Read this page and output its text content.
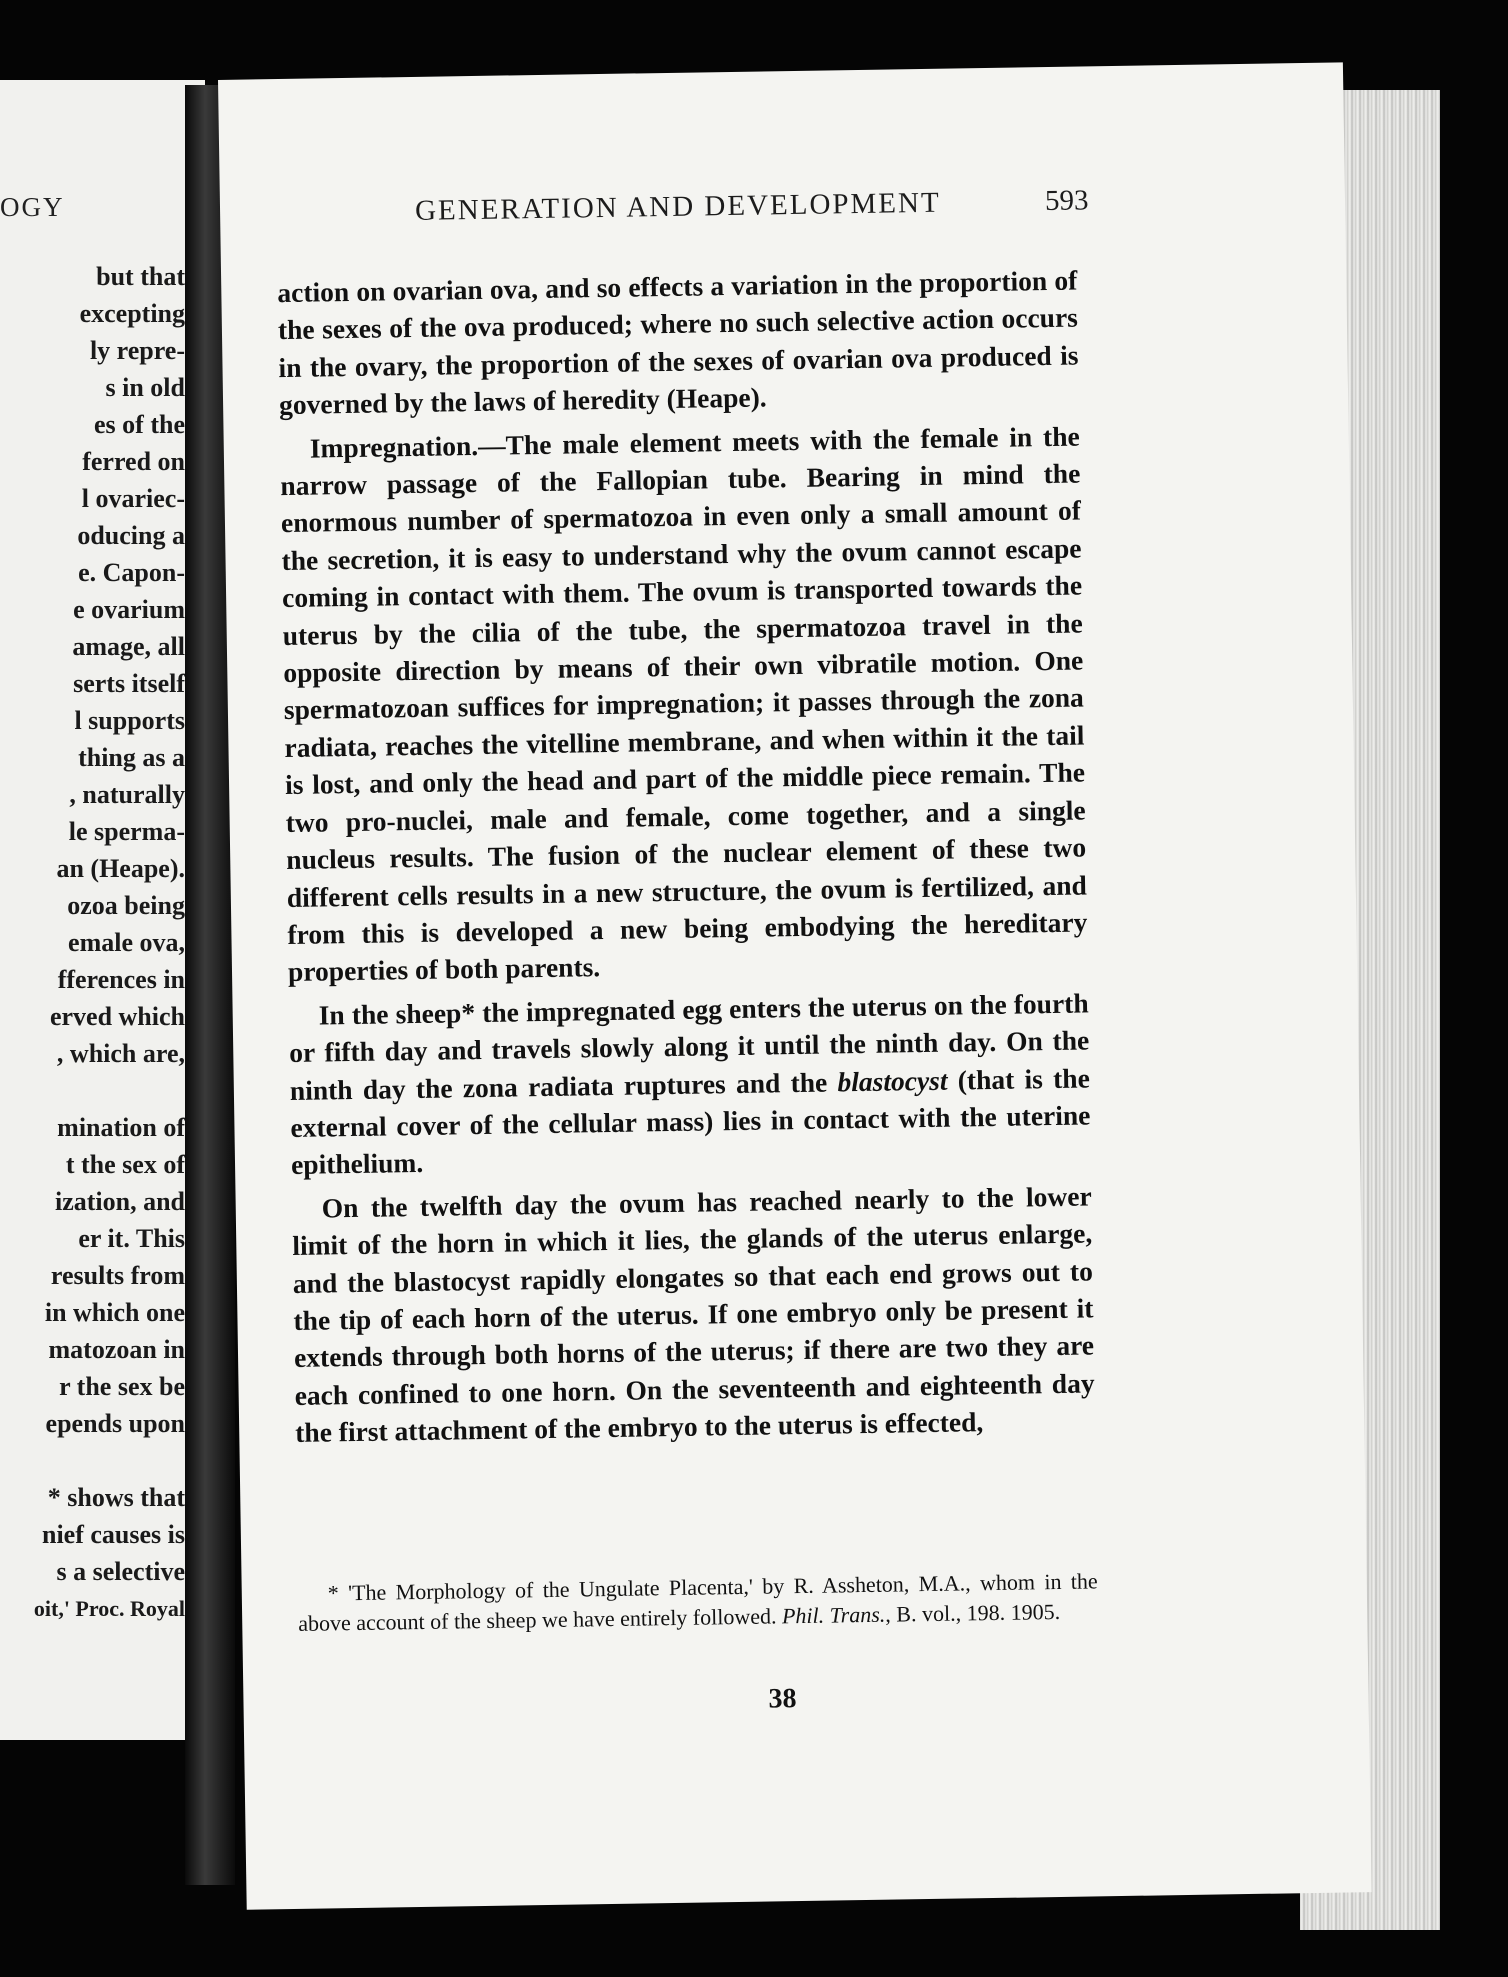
OGY
but that
excepting
ly repre-
s in old
es of the
ferred on
l ovariec-
oducing a
e. Capon-
e ovarium
amage, all
serts itself
l supports
thing as a
, naturally
le sperma-
an (Heape).
ozoa being
emale ova,
fferences in
erved which
, which are,
mination of
t the sex of
ization, and
er it. This
results from
in which one
matozoan in
r the sex be
epends upon
* shows that
nief causes is
s a selective
oit,' Proc. Royal
GENERATION AND DEVELOPMENT	593

action on ovarian ova, and so effects a variation in the proportion of the sexes of the ova produced; where no such selective action occurs in the ovary, the proportion of the sexes of ovarian ova produced is governed by the laws of heredity (Heape).

Impregnation.—The male element meets with the female in the narrow passage of the Fallopian tube. Bearing in mind the enormous number of spermatozoa in even only a small amount of the secretion, it is easy to understand why the ovum cannot escape coming in contact with them. The ovum is transported towards the uterus by the cilia of the tube, the spermatozoa travel in the opposite direction by means of their own vibratile motion. One spermatozoan suffices for impregnation; it passes through the zona radiata, reaches the vitelline membrane, and when within it the tail is lost, and only the head and part of the middle piece remain. The two pro-nuclei, male and female, come together, and a single nucleus results. The fusion of the nuclear element of these two different cells results in a new structure, the ovum is fertilized, and from this is developed a new being embodying the hereditary properties of both parents.

In the sheep* the impregnated egg enters the uterus on the fourth or fifth day and travels slowly along it until the ninth day. On the ninth day the zona radiata ruptures and the blastocyst (that is the external cover of the cellular mass) lies in contact with the uterine epithelium.

On the twelfth day the ovum has reached nearly to the lower limit of the horn in which it lies, the glands of the uterus enlarge, and the blastocyst rapidly elongates so that each end grows out to the tip of each horn of the uterus. If one embryo only be present it extends through both horns of the uterus; if there are two they are each confined to one horn. On the seventeenth and eighteenth day the first attachment of the embryo to the uterus is effected,

* 'The Morphology of the Ungulate Placenta,' by R. Assheton, M.A., whom in the above account of the sheep we have entirely followed. Phil. Trans., B. vol., 198. 1905.
38
